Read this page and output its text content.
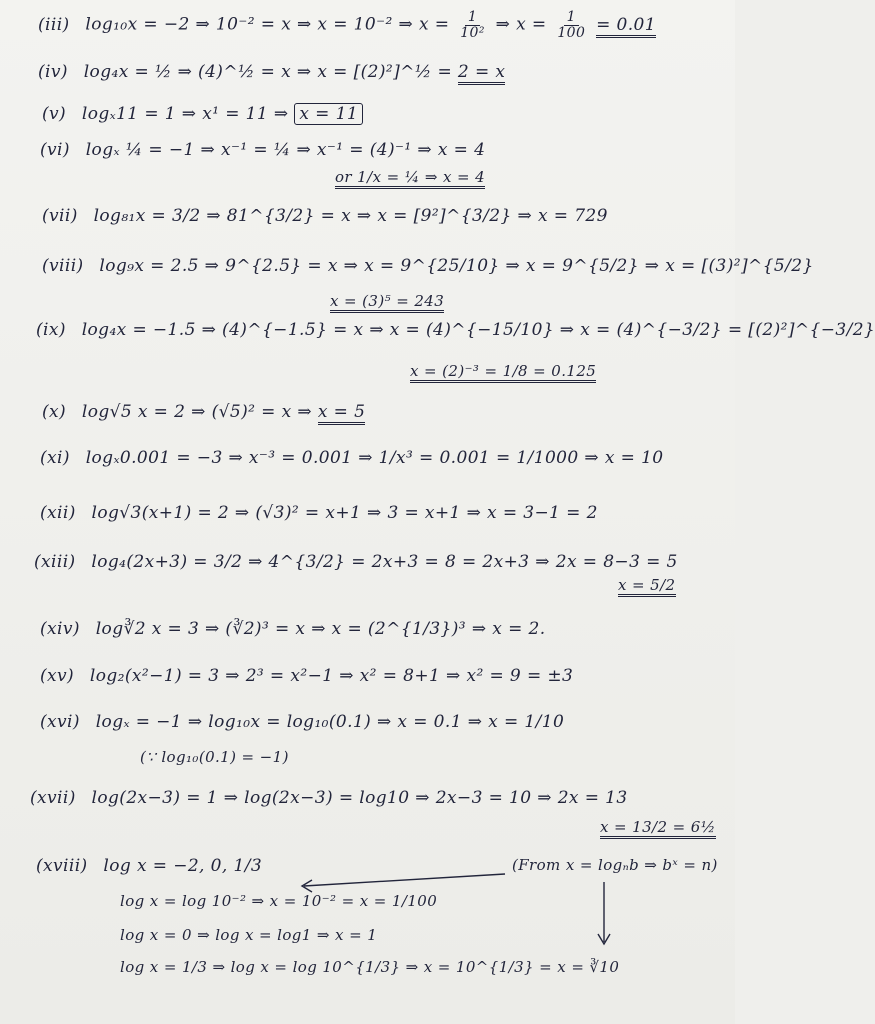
(iii) log₁₀x = −2 ⇒ 10⁻² = x ⇒ x = 10⁻² ⇒ $x = \frac{1}{\text{10²}}$ ⇒ $x = \frac{1}{100} = 0.01$
(iv) log₄x = ½ ⇒ (4)^½ = x ⇒ x = [(2)²]^½ = 2 = x
(v) logₓ11 = 1 ⇒ x¹ = 11 ⇒ x = 11
(vi) logₓ ¼ = −1 ⇒ x⁻¹ = ¼ ⇒ x⁻¹ = (4)⁻¹ ⇒ x = 4
or 1/x = ¼ ⇒ x = 4
(vii) log₈₁x = 3/2 ⇒ 81^{3/2} = x ⇒ x = [9²]^{3/2} ⇒ x = 729
(viii) log₉x = 2.5 ⇒ 9^{2.5} = x ⇒ x = 9^{25/10} ⇒ x = 9^{5/2} ⇒ x = [(3)²]^{5/2}
x = (3)⁵ = 243
(ix) log₄x = −1.5 ⇒ (4)^{−1.5} = x ⇒ x = (4)^{−15/10} ⇒ x = (4)^{−3/2} = [(2)²]^{−3/2}
x = (2)⁻³ = 1/8 = 0.125
(x) log√5 x = 2 ⇒ (√5)² = x ⇒ x = 5
(xi) logₓ0.001 = −3 ⇒ x⁻³ = 0.001 ⇒ 1/x³ = 0.001 = 1/1000 ⇒ x = 10
(xii) log√3(x+1) = 2 ⇒ (√3)² = x+1 ⇒ 3 = x+1 ⇒ x = 3−1 = 2
(xiii) log₄(2x+3) = 3/2 ⇒ 4^{3/2} = 2x+3 = 8 = 2x+3 ⇒ 2x = 8−3 = 5
x = 5/2
(xiv) log∛2 x = 3 ⇒ (∛2)³ = x ⇒ x = (2^{1/3})³ ⇒ x = 2.
(xv) log₂(x²−1) = 3 ⇒ 2³ = x²−1 ⇒ x² = 8+1 ⇒ x² = 9 = ±3
(xvi) logₓ = −1 ⇒ log₁₀x = log₁₀(0.1) ⇒ x = 0.1 ⇒ x = 1/10
(∵ log₁₀(0.1) = −1)
(xvii) log(2x−3) = 1 ⇒ log(2x−3) = log10 ⇒ 2x−3 = 10 ⇒ 2x = 13
x = 13/2 = 6½
(xviii) log x = −2, 0, 1/3	(From x = logₙb ⇒ bˣ = n)
log x = log 10⁻² ⇒ x = 10⁻² = x = 1/100
log x = 0 ⇒ log x = log1 ⇒ x = 1
log x = 1/3 ⇒ log x = log 10^{1/3} ⇒ x = 10^{1/3} = x = ∛10
